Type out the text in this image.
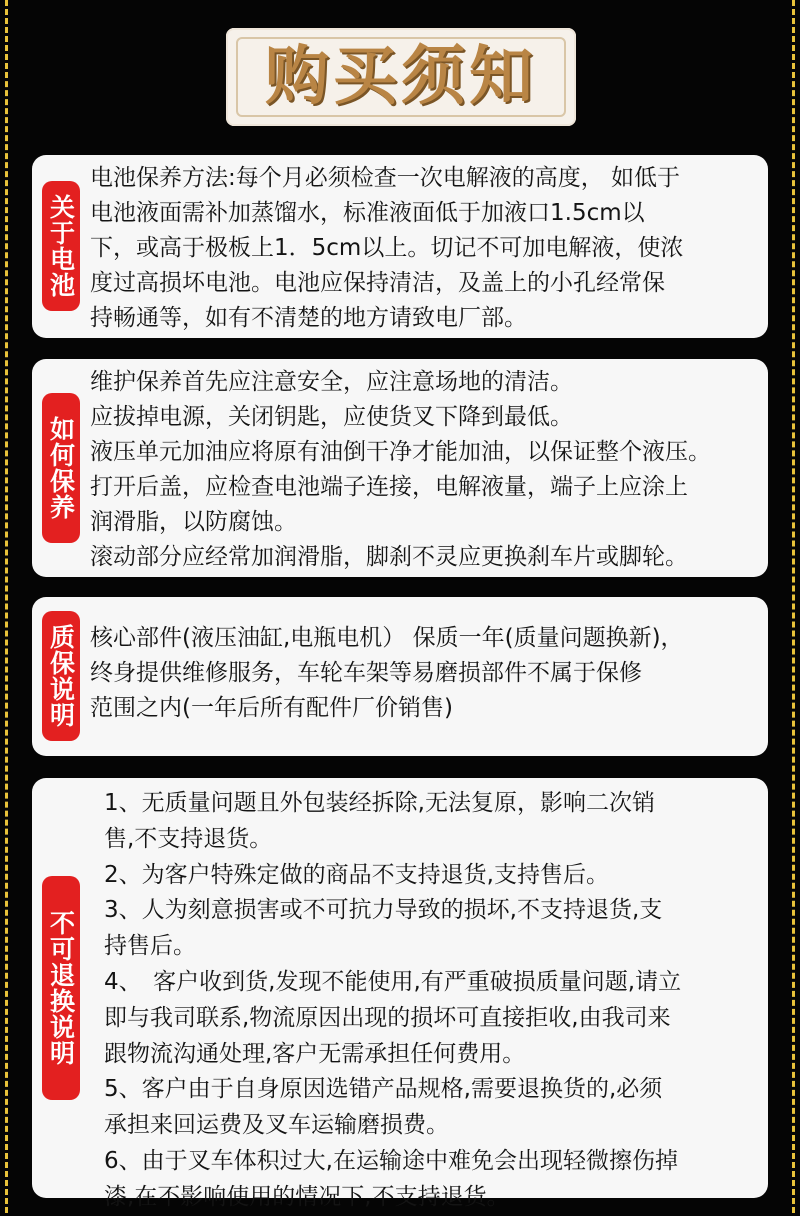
购买须知
关于电池
电池保养方法:每个月必须检查一次电解液的高度， 如低于
电池液面需补加蒸馏水，标准液面低于加液口1.5cm以
下，或高于极板上1．5cm以上。切记不可加电解液，使浓
度过高损坏电池。电池应保持清洁，及盖上的小孔经常保
持畅通等，如有不清楚的地方请致电厂部。
如何保养
维护保养首先应注意安全，应注意场地的清洁。
应拔掉电源，关闭钥匙，应使货叉下降到最低。
液压单元加油应将原有油倒干净才能加油，以保证整个液压。
打开后盖，应检查电池端子连接，电解液量，端子上应涂上
润滑脂，以防腐蚀。
滚动部分应经常加润滑脂，脚刹不灵应更换刹车片或脚轮。
质保说明 核心部件(液压油缸,电瓶电机） 保质一年(质量问题换新)，
终身提供维修服务，车轮车架等易磨损部件不属于保修
范围之内(一年后所有配件厂价销售)
不可退换说明
1、无质量问题且外包装经拆除,无法复原，影响二次销
售,不支持退货。
2、为客户特殊定做的商品不支持退货,支持售后。
3、人为刻意损害或不可抗力导致的损坏,不支持退货,支
持售后。
4、　客户收到货,发现不能使用,有严重破损质量问题,请立
即与我司联系,物流原因出现的损坏可直接拒收,由我司来
跟物流沟通处理,客户无需承担任何费用。
5、客户由于自身原因选错产品规格,需要退换货的,必须
承担来回运费及叉车运输磨损费。
6、由于叉车体积过大,在运输途中难免会出现轻微擦伤掉
漆,在不影响使用的情况下,不支持退货。
